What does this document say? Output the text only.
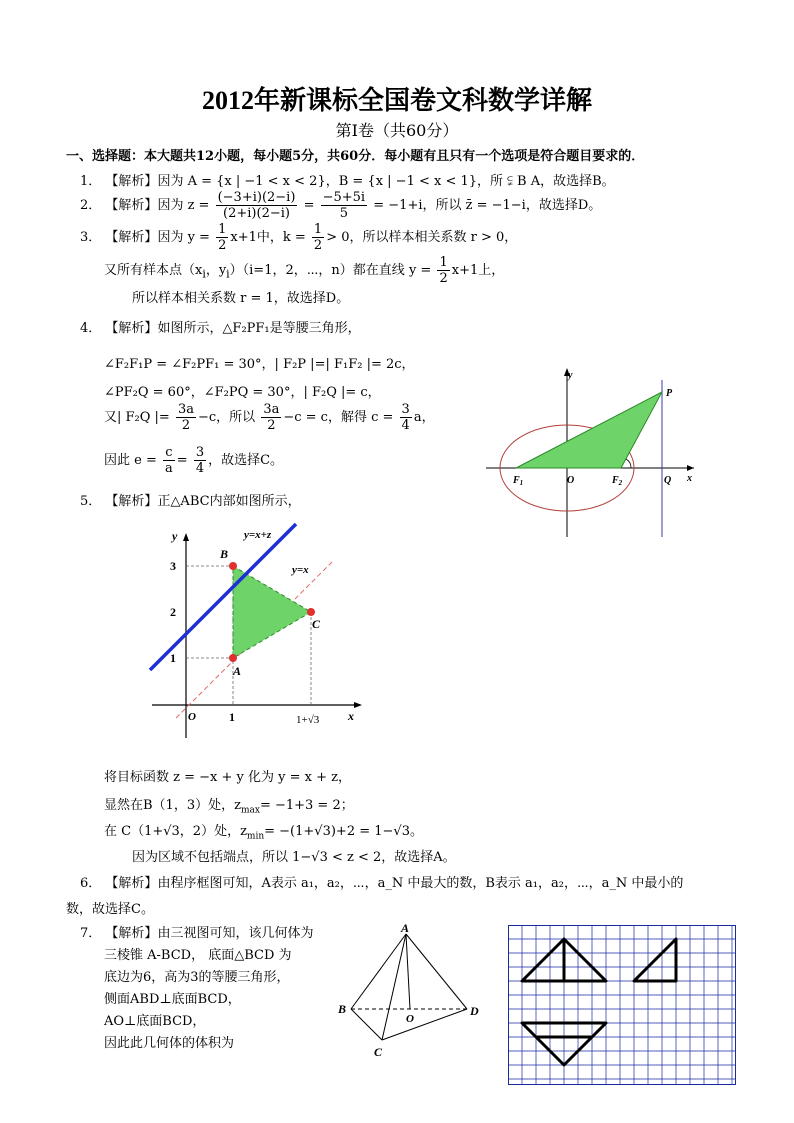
2012年新课标全国卷文科数学详解
第Ⅰ卷（共60分）
一、选择题：本大题共12小题，每小题5分，共60分．每小题有且只有一个选项是符合题目要求的．
1． 【解析】因为 A = {x | −1 < x < 2}，B = {x | −1 < x < 1}，所 ⫋ B A，故选择B。
2． 【解析】因为 $z = \frac{(-3+i)(2-i)}{(2+i)(2-i)} = \frac{-5+5i}{5} = -1+i$，所以 z̄ = −1−i，故选择D。
3． 【解析】因为 $y = \frac{1}{2} x+1$中，$k = \frac{1}{2} > 0$，所以样本相关系数 r > 0，
又所有样本点（$x_i$，$y_i)(i=1$，2，⋯，n）都在直线 $y = \frac{1}{2} x+1$上，
所以样本相关系数 r = 1，故选择D。
4． 【解析】如图所示，△F₂PF₁是等腰三角形，
∠F₂F₁P = ∠F₂PF₁ = 30°，| F₂P |=| F₁F₂ |= 2c，
∠PF₂Q = 60°，∠F₂PQ = 30°，| F₂Q |= c，
又| F₂Q |= $\frac{3a}{2} -c$，所以 $\frac{3a}{2} -c = c$，解得 $c = \frac{3}{4}$ a，
因此 $e = \frac{c}{a} = \frac{3}{4}$ ，故选择C。
y
x
P
O
$F_1$	$F_2$	Q
5． 【解析】正△ABC内部如图所示，
y
x
O
3
2
1
1	1+√3
B
C
A
y=x+z
y=x
将目标函数 z = −x + y 化为 y = x + z，
显然在B（1，3）处，$z_{max}= -1+3 = 2$；
在 C（1+√3，2）处，$z_{min}= -(1+√3)+2 = 1-√3$。
因为区域不包括端点，所以 1−√3 < z < 2，故选择A。
6． 【解析】由程序框图可知，A表示 a₁，a₂，⋯，a_N 中最大的数，B表示 a₁，a₂，⋯，a_N 中最小的
数，故选择C。
7． 【解析】由三视图可知，该几何体为
三棱锥 A-BCD， 底面△BCD 为
底边为6，高为3的等腰三角形，
侧面ABD⊥底面BCD，
AO⊥底面BCD，
因此此几何体的体积为
A
B
C
D
O
